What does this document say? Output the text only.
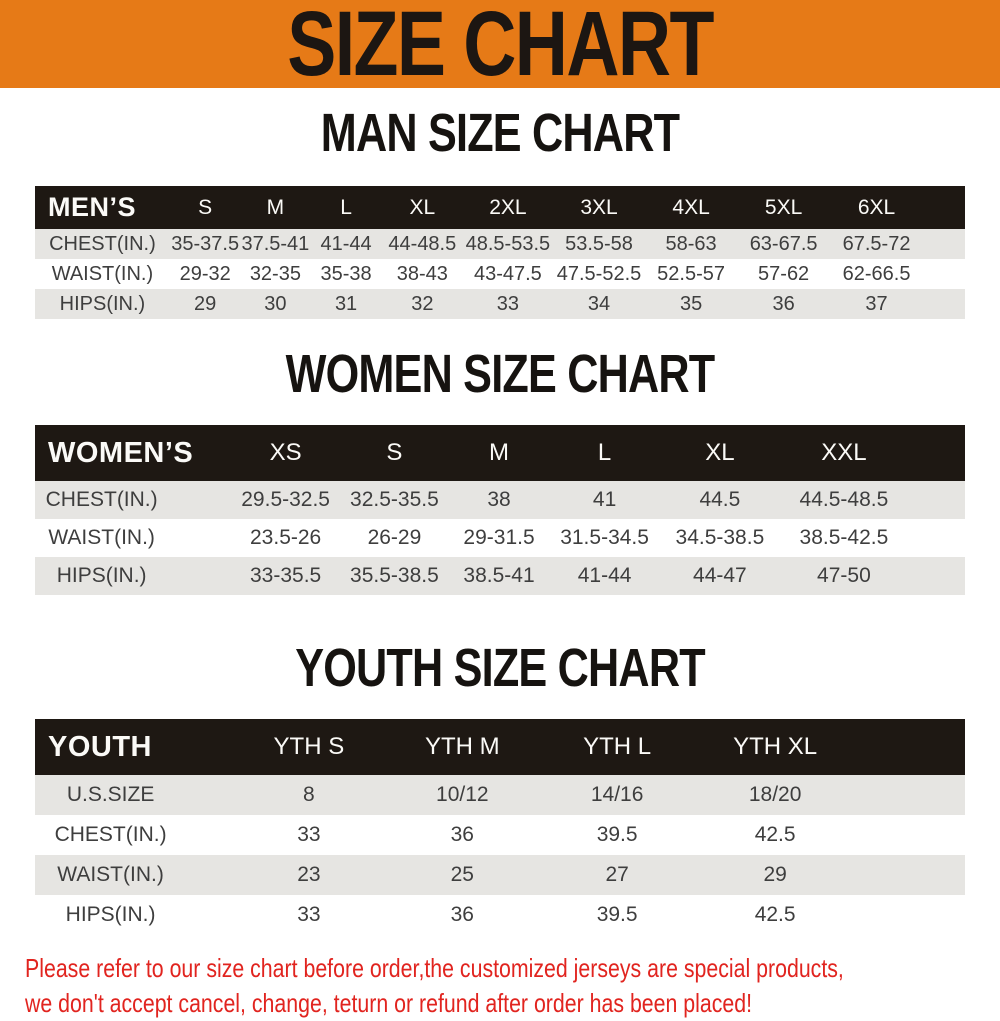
SIZE CHART
MAN SIZE CHART
MEN’S	S	M	L	XL	2XL	3XL	4XL	5XL	6XL
CHEST(IN.)	35-37.5	37.5-41	41-44	44-48.5	48.5-53.5	53.5-58	58-63	63-67.5	67.5-72
WAIST(IN.)	29-32	32-35	35-38	38-43	43-47.5	47.5-52.5	52.5-57	57-62	62-66.5
HIPS(IN.)	29	30	31	32	33	34	35	36	37
WOMEN SIZE CHART
WOMEN’S	XS	S	M	L	XL	XXL
CHEST(IN.)	29.5-32.5	32.5-35.5	38	41	44.5	44.5-48.5
WAIST(IN.)	23.5-26	26-29	29-31.5	31.5-34.5	34.5-38.5	38.5-42.5
HIPS(IN.)	33-35.5	35.5-38.5	38.5-41	41-44	44-47	47-50
YOUTH SIZE CHART
YOUTH	YTH S	YTH M	YTH L	YTH XL
U.S.SIZE	8	10/12	14/16	18/20
CHEST(IN.)	33	36	39.5	42.5
WAIST(IN.)	23	25	27	29
HIPS(IN.)	33	36	39.5	42.5
Please refer to our size chart before order,the customized jerseys are special products,
we don't accept cancel, change, teturn or refund after order has been placed!
